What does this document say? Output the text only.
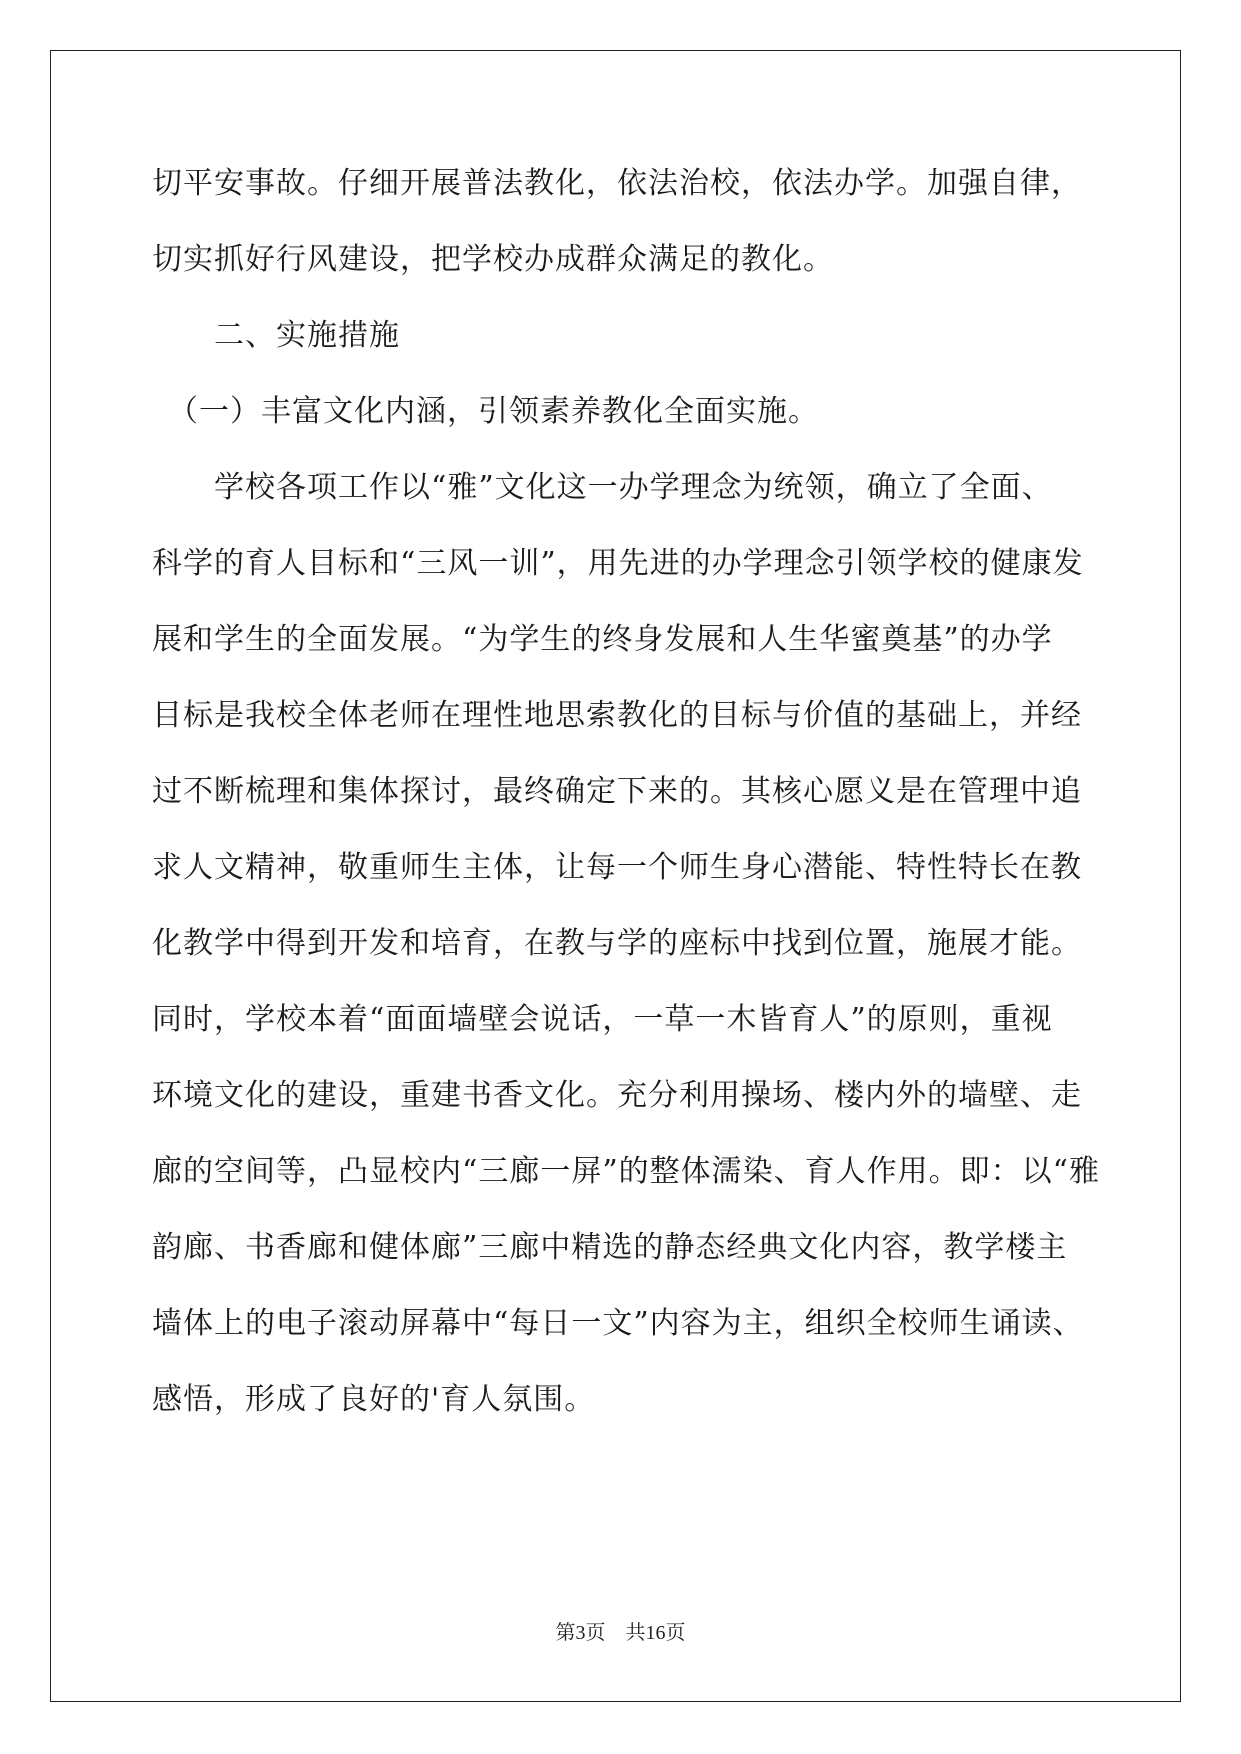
切平安事故。仔细开展普法教化，依法治校，依法办学。加强自律，
切实抓好行风建设，把学校办成群众满足的教化。
　　二、实施措施
　（一）丰富文化内涵，引领素养教化全面实施。
　　学校各项工作以“雅”文化这一办学理念为统领，确立了全面、
科学的育人目标和“三风一训”，用先进的办学理念引领学校的健康发
展和学生的全面发展。“为学生的终身发展和人生华蜜奠基”的办学
目标是我校全体老师在理性地思索教化的目标与价值的基础上，并经
过不断梳理和集体探讨，最终确定下来的。其核心愿义是在管理中追
求人文精神，敬重师生主体，让每一个师生身心潜能、特性特长在教
化教学中得到开发和培育，在教与学的座标中找到位置，施展才能。
同时，学校本着“面面墙壁会说话，一草一木皆育人”的原则，重视
环境文化的建设，重建书香文化。充分利用操场、楼内外的墙壁、走
廊的空间等，凸显校内“三廊一屏”的整体濡染、育人作用。即：以“雅
韵廊、书香廊和健体廊”三廊中精选的静态经典文化内容，教学楼主
墙体上的电子滚动屏幕中“每日一文”内容为主，组织全校师生诵读、
感悟，形成了良好的'育人氛围。
第3页　共16页
